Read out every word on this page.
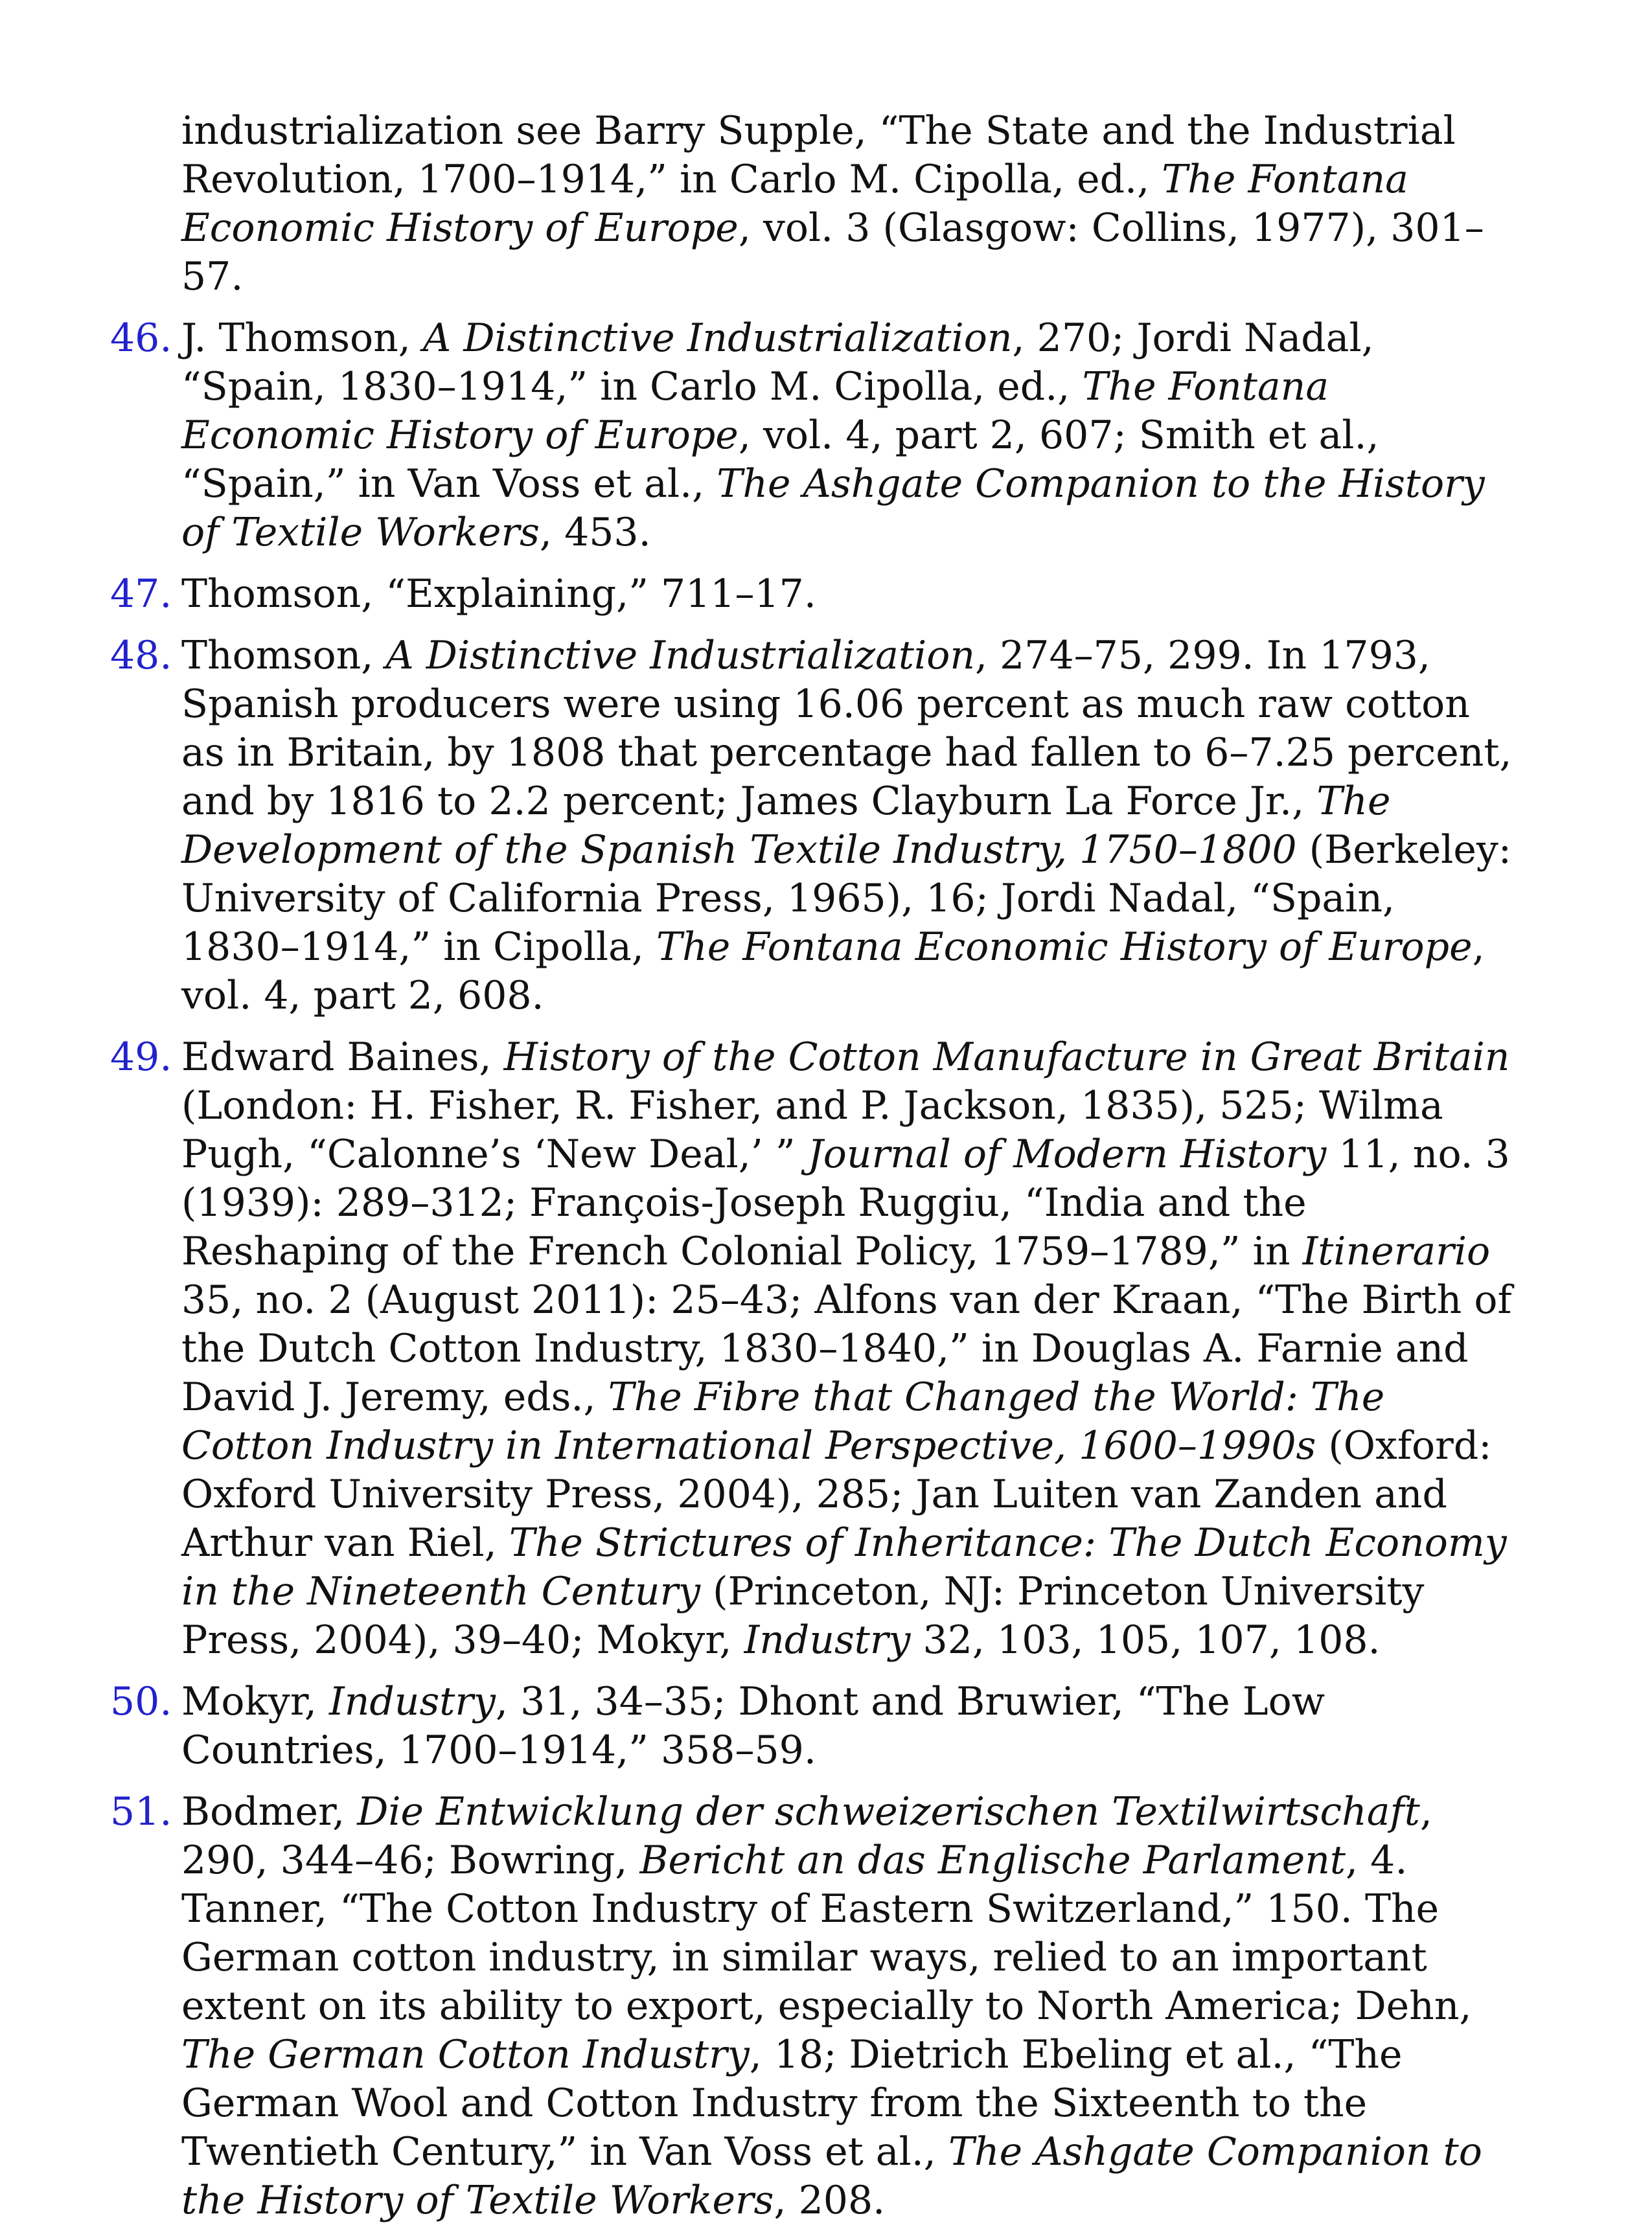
industrialization see Barry Supple, “The State and the Industrial Revolution, 1700–1914,” in Carlo M. Cipolla, ed., The Fontana Economic History of Europe, vol. 3 (Glasgow: Collins, 1977), 301–57.
46. J. Thomson, A Distinctive Industrialization, 270; Jordi Nadal, “Spain, 1830–1914,” in Carlo M. Cipolla, ed., The Fontana Economic History of Europe, vol. 4, part 2, 607; Smith et al., “Spain,” in Van Voss et al., The Ashgate Companion to the History of Textile Workers, 453.
47. Thomson, “Explaining,” 711–17.
48. Thomson, A Distinctive Industrialization, 274–75, 299. In 1793, Spanish producers were using 16.06 percent as much raw cotton as in Britain, by 1808 that percentage had fallen to 6–7.25 percent, and by 1816 to 2.2 percent; James Clayburn La Force Jr., The Development of the Spanish Textile Industry, 1750–1800 (Berkeley: University of California Press, 1965), 16; Jordi Nadal, “Spain, 1830–1914,” in Cipolla, The Fontana Economic History of Europe, vol. 4, part 2, 608.
49. Edward Baines, History of the Cotton Manufacture in Great Britain (London: H. Fisher, R. Fisher, and P. Jackson, 1835), 525; Wilma Pugh, “Calonne’s ‘New Deal,’ ” Journal of Modern History 11, no. 3 (1939): 289–312; François-Joseph Ruggiu, “India and the Reshaping of the French Colonial Policy, 1759–1789,” in Itinerario 35, no. 2 (August 2011): 25–43; Alfons van der Kraan, “The Birth of the Dutch Cotton Industry, 1830–1840,” in Douglas A. Farnie and David J. Jeremy, eds., The Fibre that Changed the World: The Cotton Industry in International Perspective, 1600–1990s (Oxford: Oxford University Press, 2004), 285; Jan Luiten van Zanden and Arthur van Riel, The Strictures of Inheritance: The Dutch Economy in the Nineteenth Century (Princeton, NJ: Princeton University Press, 2004), 39–40; Mokyr, Industry 32, 103, 105, 107, 108.
50. Mokyr, Industry, 31, 34–35; Dhont and Bruwier, “The Low Countries, 1700–1914,” 358–59.
51. Bodmer, Die Entwicklung der schweizerischen Textilwirtschaft, 290, 344–46; Bowring, Bericht an das Englische Parlament, 4. Tanner, “The Cotton Industry of Eastern Switzerland,” 150. The German cotton industry, in similar ways, relied to an important extent on its ability to export, especially to North America; Dehn, The German Cotton Industry, 18; Dietrich Ebeling et al., “The German Wool and Cotton Industry from the Sixteenth to the Twentieth Century,” in Van Voss et al., The Ashgate Companion to the History of Textile Workers, 208.
